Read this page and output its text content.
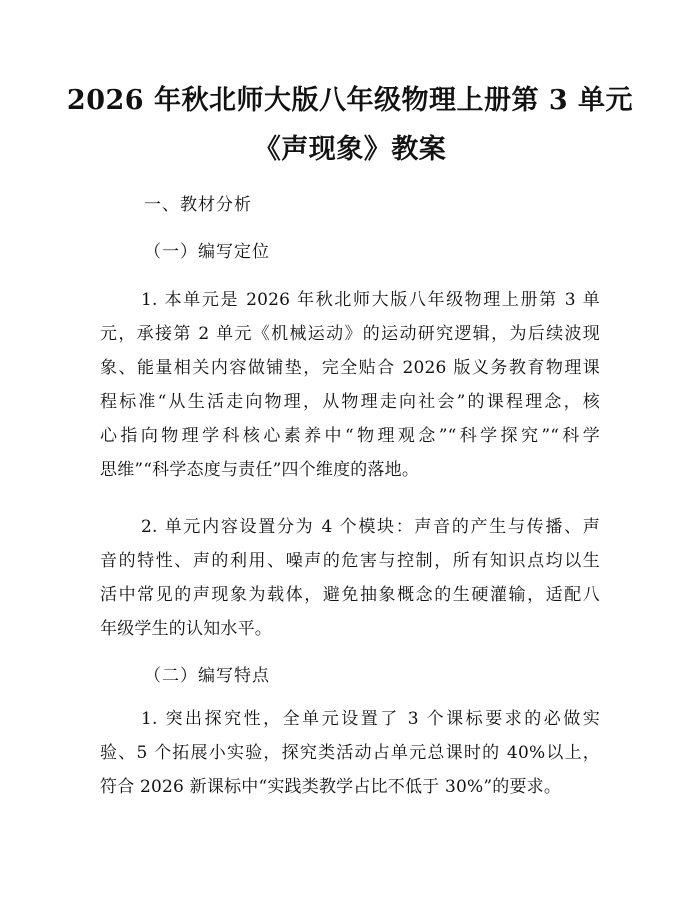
2026 年秋北师大版八年级物理上册第 3 单元
《声现象》教案
一、教材分析
（一）编写定位
1. 本单元是 2026 年秋北师大版八年级物理上册第 3 单
元，承接第 2 单元《机械运动》的运动研究逻辑，为后续波现
象、能量相关内容做铺垫，完全贴合 2026 版义务教育物理课
程标准“从生活走向物理，从物理走向社会”的课程理念，核
心指向物理学科核心素养中“物理观念”“科学探究”“科学
思维”“科学态度与责任”四个维度的落地。
2. 单元内容设置分为 4 个模块：声音的产生与传播、声
音的特性、声的利用、噪声的危害与控制，所有知识点均以生
活中常见的声现象为载体，避免抽象概念的生硬灌输，适配八
年级学生的认知水平。
（二）编写特点
1. 突出探究性，全单元设置了 3 个课标要求的必做实
验、5 个拓展小实验，探究类活动占单元总课时的 40%以上，
符合 2026 新课标中“实践类教学占比不低于 30%”的要求。
